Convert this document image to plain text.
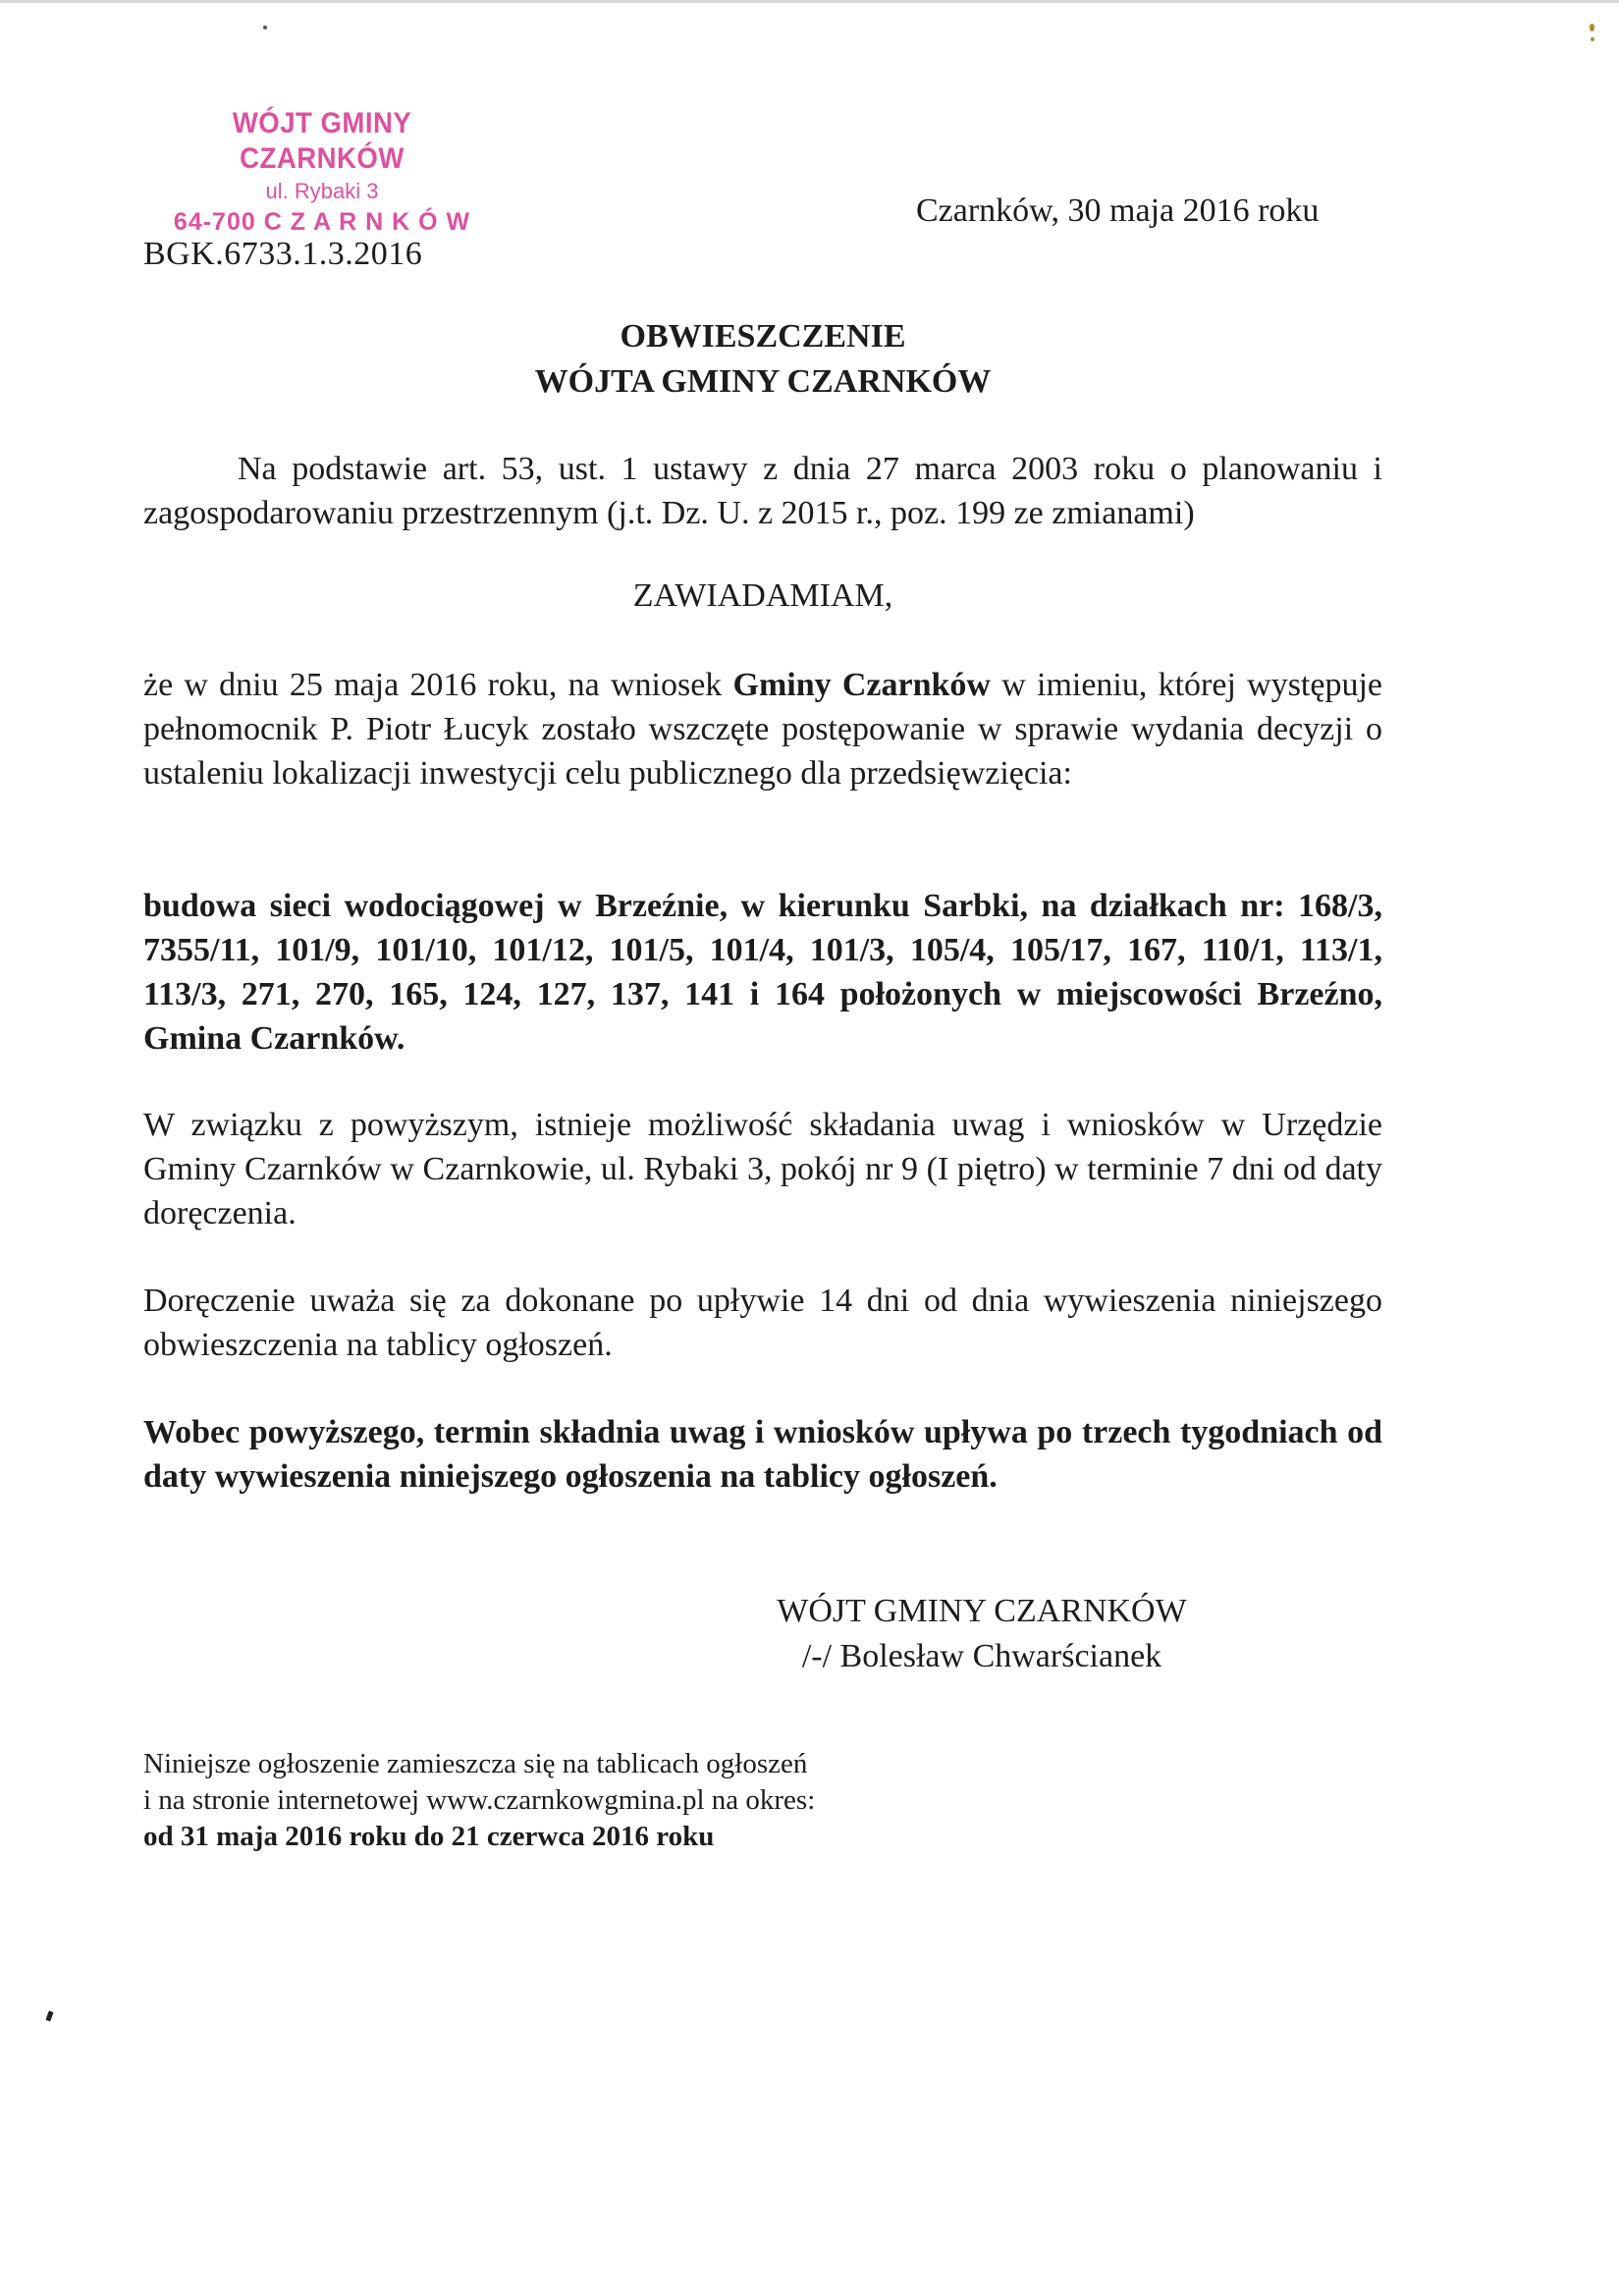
WÓJT GMINY CZARNKÓW
ul. Rybaki 3
64-700 C Z A R N K Ó W	Czarnków, 30 maja 2016 roku
BGK.6733.1.3.2016
OBWIESZCZENIE
WÓJTA GMINY CZARNKÓW
Na podstawie art. 53, ust. 1 ustawy z dnia 27 marca 2003 roku o planowaniu i zagospodarowaniu przestrzennym (j.t. Dz. U. z 2015 r., poz. 199 ze zmianami)
ZAWIADAMIAM,
że w dniu 25 maja 2016 roku, na wniosek Gminy Czarnków w imieniu, której występuje pełnomocnik P. Piotr Łucyk zostało wszczęte postępowanie w sprawie wydania decyzji o ustaleniu lokalizacji inwestycji celu publicznego dla przedsięwzięcia:
budowa sieci wodociągowej w Brzeźnie, w kierunku Sarbki, na działkach nr: 168/3, 7355/11, 101/9, 101/10, 101/12, 101/5, 101/4, 101/3, 105/4, 105/17, 167, 110/1, 113/1, 113/3, 271, 270, 165, 124, 127, 137, 141 i 164 położonych w miejscowości Brzeźno, Gmina Czarnków.
W związku z powyższym, istnieje możliwość składania uwag i wniosków w Urzędzie Gminy Czarnków w Czarnkowie, ul. Rybaki 3, pokój nr 9 (I piętro) w terminie 7 dni od daty doręczenia.
Doręczenie uważa się za dokonane po upływie 14 dni od dnia wywieszenia niniejszego obwieszczenia na tablicy ogłoszeń.
Wobec powyższego, termin składnia uwag i wniosków upływa po trzech tygodniach od daty wywieszenia niniejszego ogłoszenia na tablicy ogłoszeń.
WÓJT GMINY CZARNKÓW
/-/ Bolesław Chwarścianek
Niniejsze ogłoszenie zamieszcza się na tablicach ogłoszeń
i na stronie internetowej www.czarnkowgmina.pl na okres:
od 31 maja 2016 roku do 21 czerwca 2016 roku
